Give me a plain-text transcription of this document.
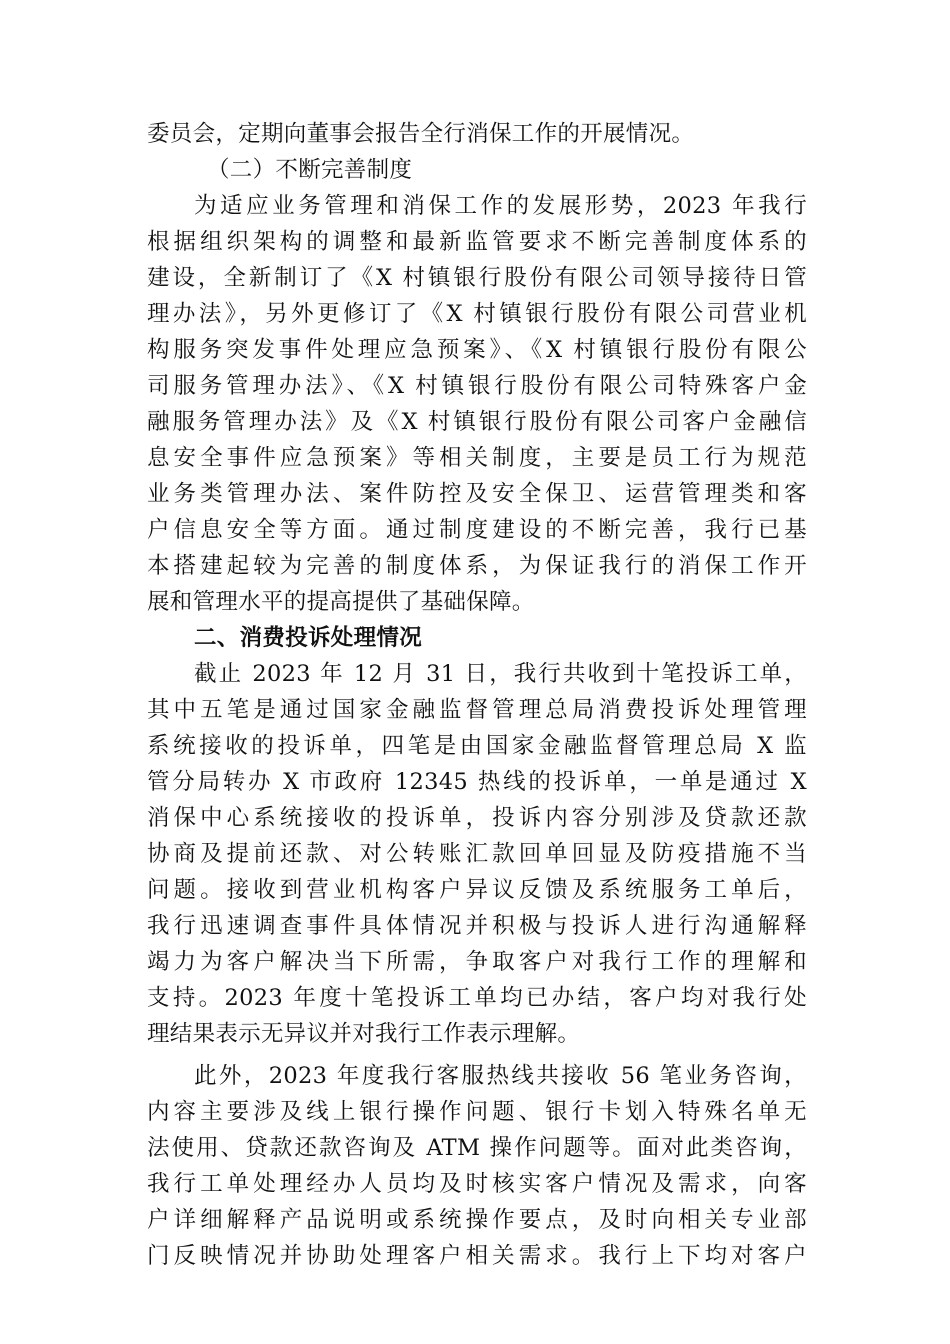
委员会，定期向董事会报告全行消保工作的开展情况。
（二）不断完善制度
为适应业务管理和消保工作的发展形势，2023 年我行
根据组织架构的调整和最新监管要求不断完善制度体系的
建设，全新制订了《X 村镇银行股份有限公司领导接待日管
理办法》，另外更修订了《X 村镇银行股份有限公司营业机
构服务突发事件处理应急预案》、《X 村镇银行股份有限公
司服务管理办法》、《X 村镇银行股份有限公司特殊客户金
融服务管理办法》及《X 村镇银行股份有限公司客户金融信
息安全事件应急预案》等相关制度，主要是员工行为规范
业务类管理办法、案件防控及安全保卫、运营管理类和客
户信息安全等方面。通过制度建设的不断完善，我行已基
本搭建起较为完善的制度体系，为保证我行的消保工作开
展和管理水平的提高提供了基础保障。
二、消费投诉处理情况
截止 2023 年 12 月 31 日，我行共收到十笔投诉工单，
其中五笔是通过国家金融监督管理总局消费投诉处理管理
系统接收的投诉单，四笔是由国家金融监督管理总局 X 监
管分局转办 X 市政府 12345 热线的投诉单，一单是通过 X
消保中心系统接收的投诉单，投诉内容分别涉及贷款还款
协商及提前还款、对公转账汇款回单回显及防疫措施不当
问题。接收到营业机构客户异议反馈及系统服务工单后，
我行迅速调查事件具体情况并积极与投诉人进行沟通解释
竭力为客户解决当下所需，争取客户对我行工作的理解和
支持。2023 年度十笔投诉工单均已办结，客户均对我行处
理结果表示无异议并对我行工作表示理解。
此外，2023 年度我行客服热线共接收 56 笔业务咨询，
内容主要涉及线上银行操作问题、银行卡划入特殊名单无
法使用、贷款还款咨询及 ATM 操作问题等。面对此类咨询，
我行工单处理经办人员均及时核实客户情况及需求，向客
户详细解释产品说明或系统操作要点，及时向相关专业部
门反映情况并协助处理客户相关需求。我行上下均对客户
